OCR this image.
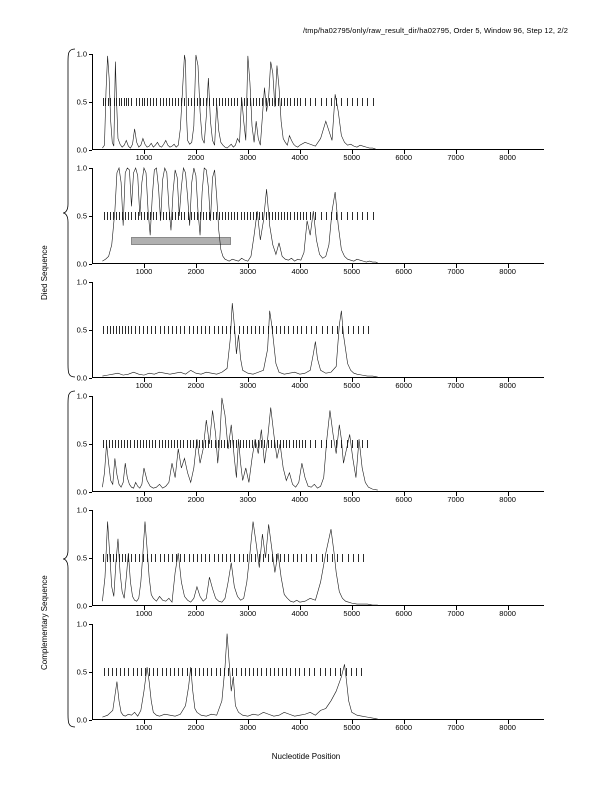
/tmp/ha02795/only/raw_result_dir/ha02795, Order 5, Window 96, Step 12, 2/2
Died Sequence
Complementary Sequence
Nucleotide Position
0.0
0.5
1.0
1000	2000	3000	4000	5000	6000	7000	8000
0.0
0.5
1.0
1000	2000	3000	4000	5000	6000	7000	8000
0.0
0.5
1.0
1000	2000	3000	4000	5000	6000	7000	8000
0.0
0.5
1.0
1000	2000	3000	4000	5000	6000	7000	8000
0.0
0.5
1.0
1000	2000	3000	4000	5000	6000	7000	8000
0.0
0.5
1.0
1000	2000	3000	4000	5000	6000	7000	8000
